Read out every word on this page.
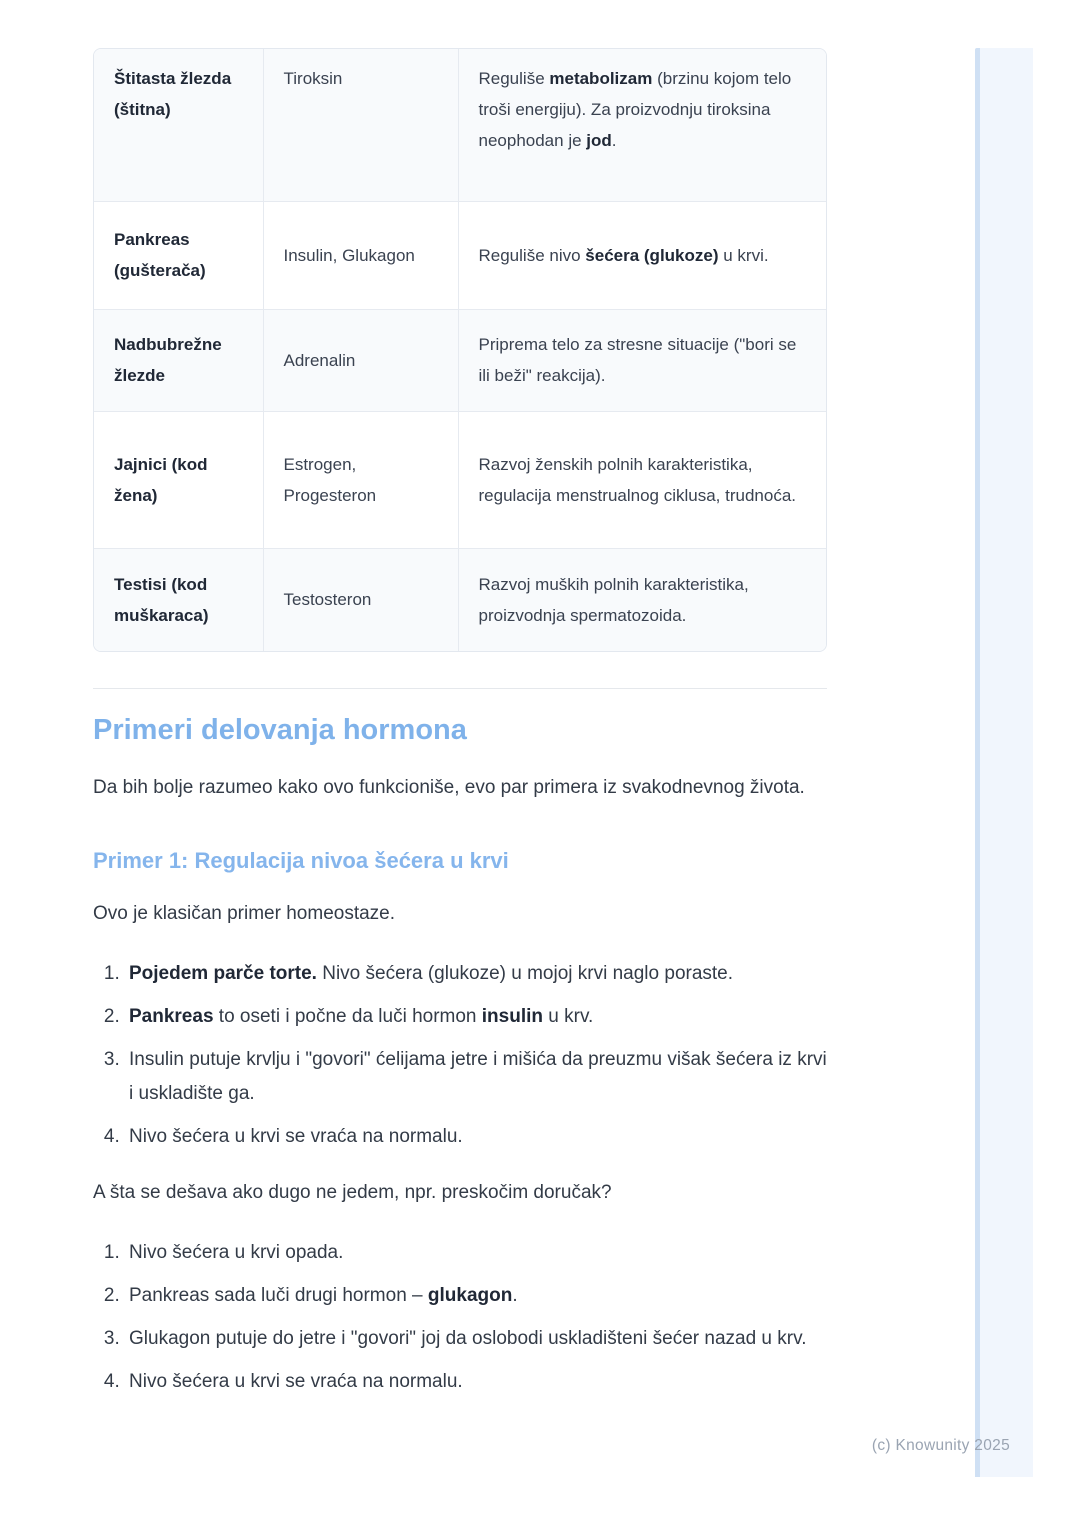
Štitasta žlezda (štitna)	Tiroksin	Reguliše metabolizam (brzinu kojom telo troši energiju). Za proizvodnju tiroksina neophodan je jod.
Pankreas (gušterača)	Insulin, Glukagon	Reguliše nivo šećera (glukoze) u krvi.
Nadbubrežne žlezde	Adrenalin	Priprema telo za stresne situacije ("bori se ili beži" reakcija).
Jajnici (kod žena)	Estrogen, Progesteron	Razvoj ženskih polnih karakteristika, regulacija menstrualnog ciklusa, trudnoća.
Testisi (kod muškaraca)	Testosteron	Razvoj muških polnih karakteristika, proizvodnja spermatozoida.
Primeri delovanja hormona

Da bih bolje razumeo kako ovo funkcioniše, evo par primera iz svakodnevnog života.

Primer 1: Regulacija nivoa šećera u krvi

Ovo je klasičan primer homeostaze.

1. Pojedem parče torte. Nivo šećera (glukoze) u mojoj krvi naglo poraste.
2. Pankreas to oseti i počne da luči hormon insulin u krv.
3. Insulin putuje krvlju i "govori" ćelijama jetre i mišića da preuzmu višak šećera iz krvi i uskladište ga.
4. Nivo šećera u krvi se vraća na normalu.

A šta se dešava ako dugo ne jedem, npr. preskočim doručak?

1. Nivo šećera u krvi opada.
2. Pankreas sada luči drugi hormon – glukagon.
3. Glukagon putuje do jetre i "govori" joj da oslobodi uskladišteni šećer nazad u krv.
4. Nivo šećera u krvi se vraća na normalu.
(c) Knowunity 2025
